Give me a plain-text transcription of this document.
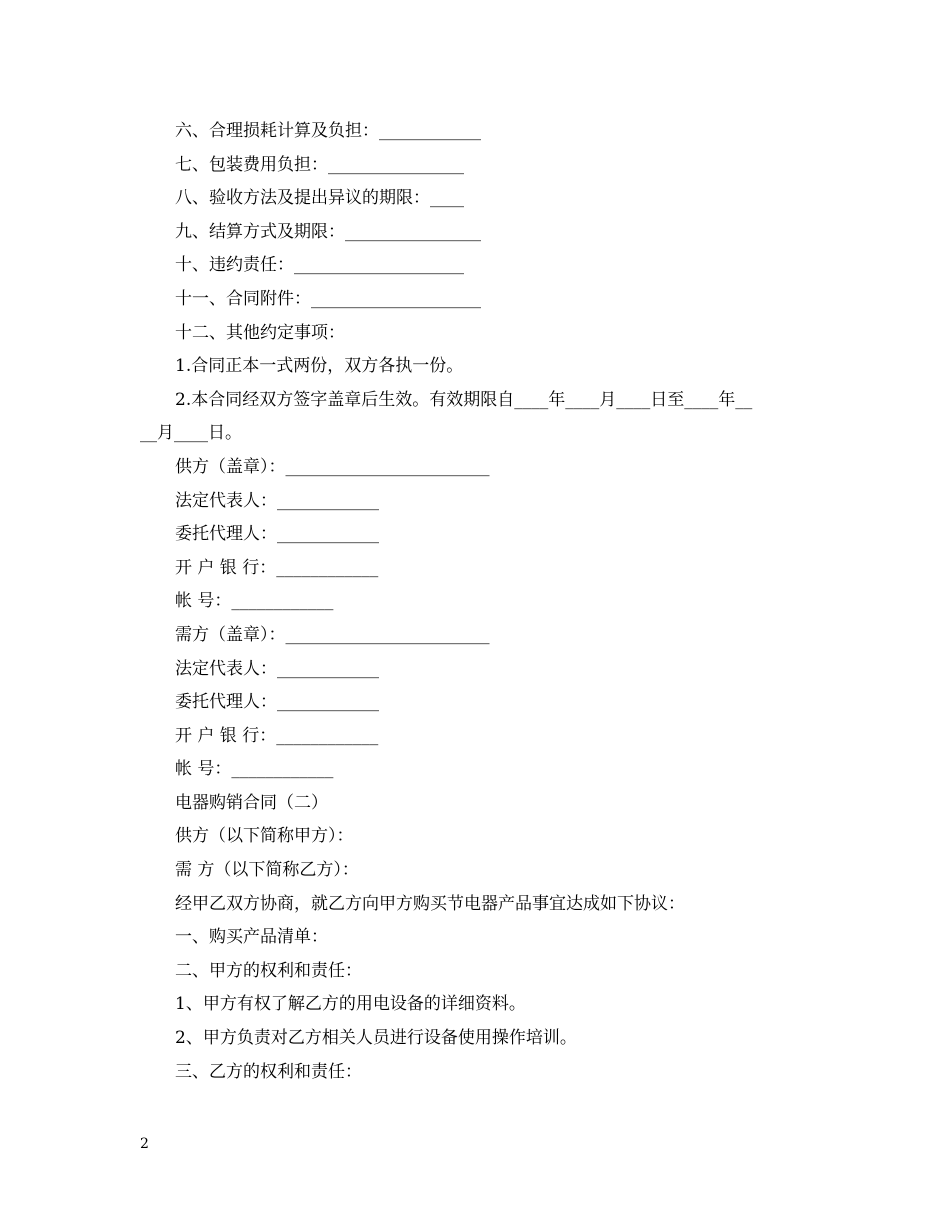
六、合理损耗计算及负担：____________
七、包装费用负担：________________
八、验收方法及提出异议的期限：____
九、结算方式及期限：________________
十、违约责任：____________________
十一、合同附件：____________________
十二、其他约定事项：
1.合同正本一式两份，双方各执一份。
2.本合同经双方签字盖章后生效。有效期限自____年____月____日至____年__
__月____日。
供方（盖章）：________________________
法定代表人：____________
委托代理人：____________
开 户 银 行：____________
帐 号：____________
需方（盖章）：________________________
法定代表人：____________
委托代理人：____________
开 户 银 行：____________
帐 号：____________
电器购销合同（二）
供方（以下简称甲方）：
需 方（以下简称乙方）：
经甲乙双方协商，就乙方向甲方购买节电器产品事宜达成如下协议：
一、购买产品清单：
二、甲方的权利和责任：
1、甲方有权了解乙方的用电设备的详细资料。
2、甲方负责对乙方相关人员进行设备使用操作培训。
三、乙方的权利和责任：
2
